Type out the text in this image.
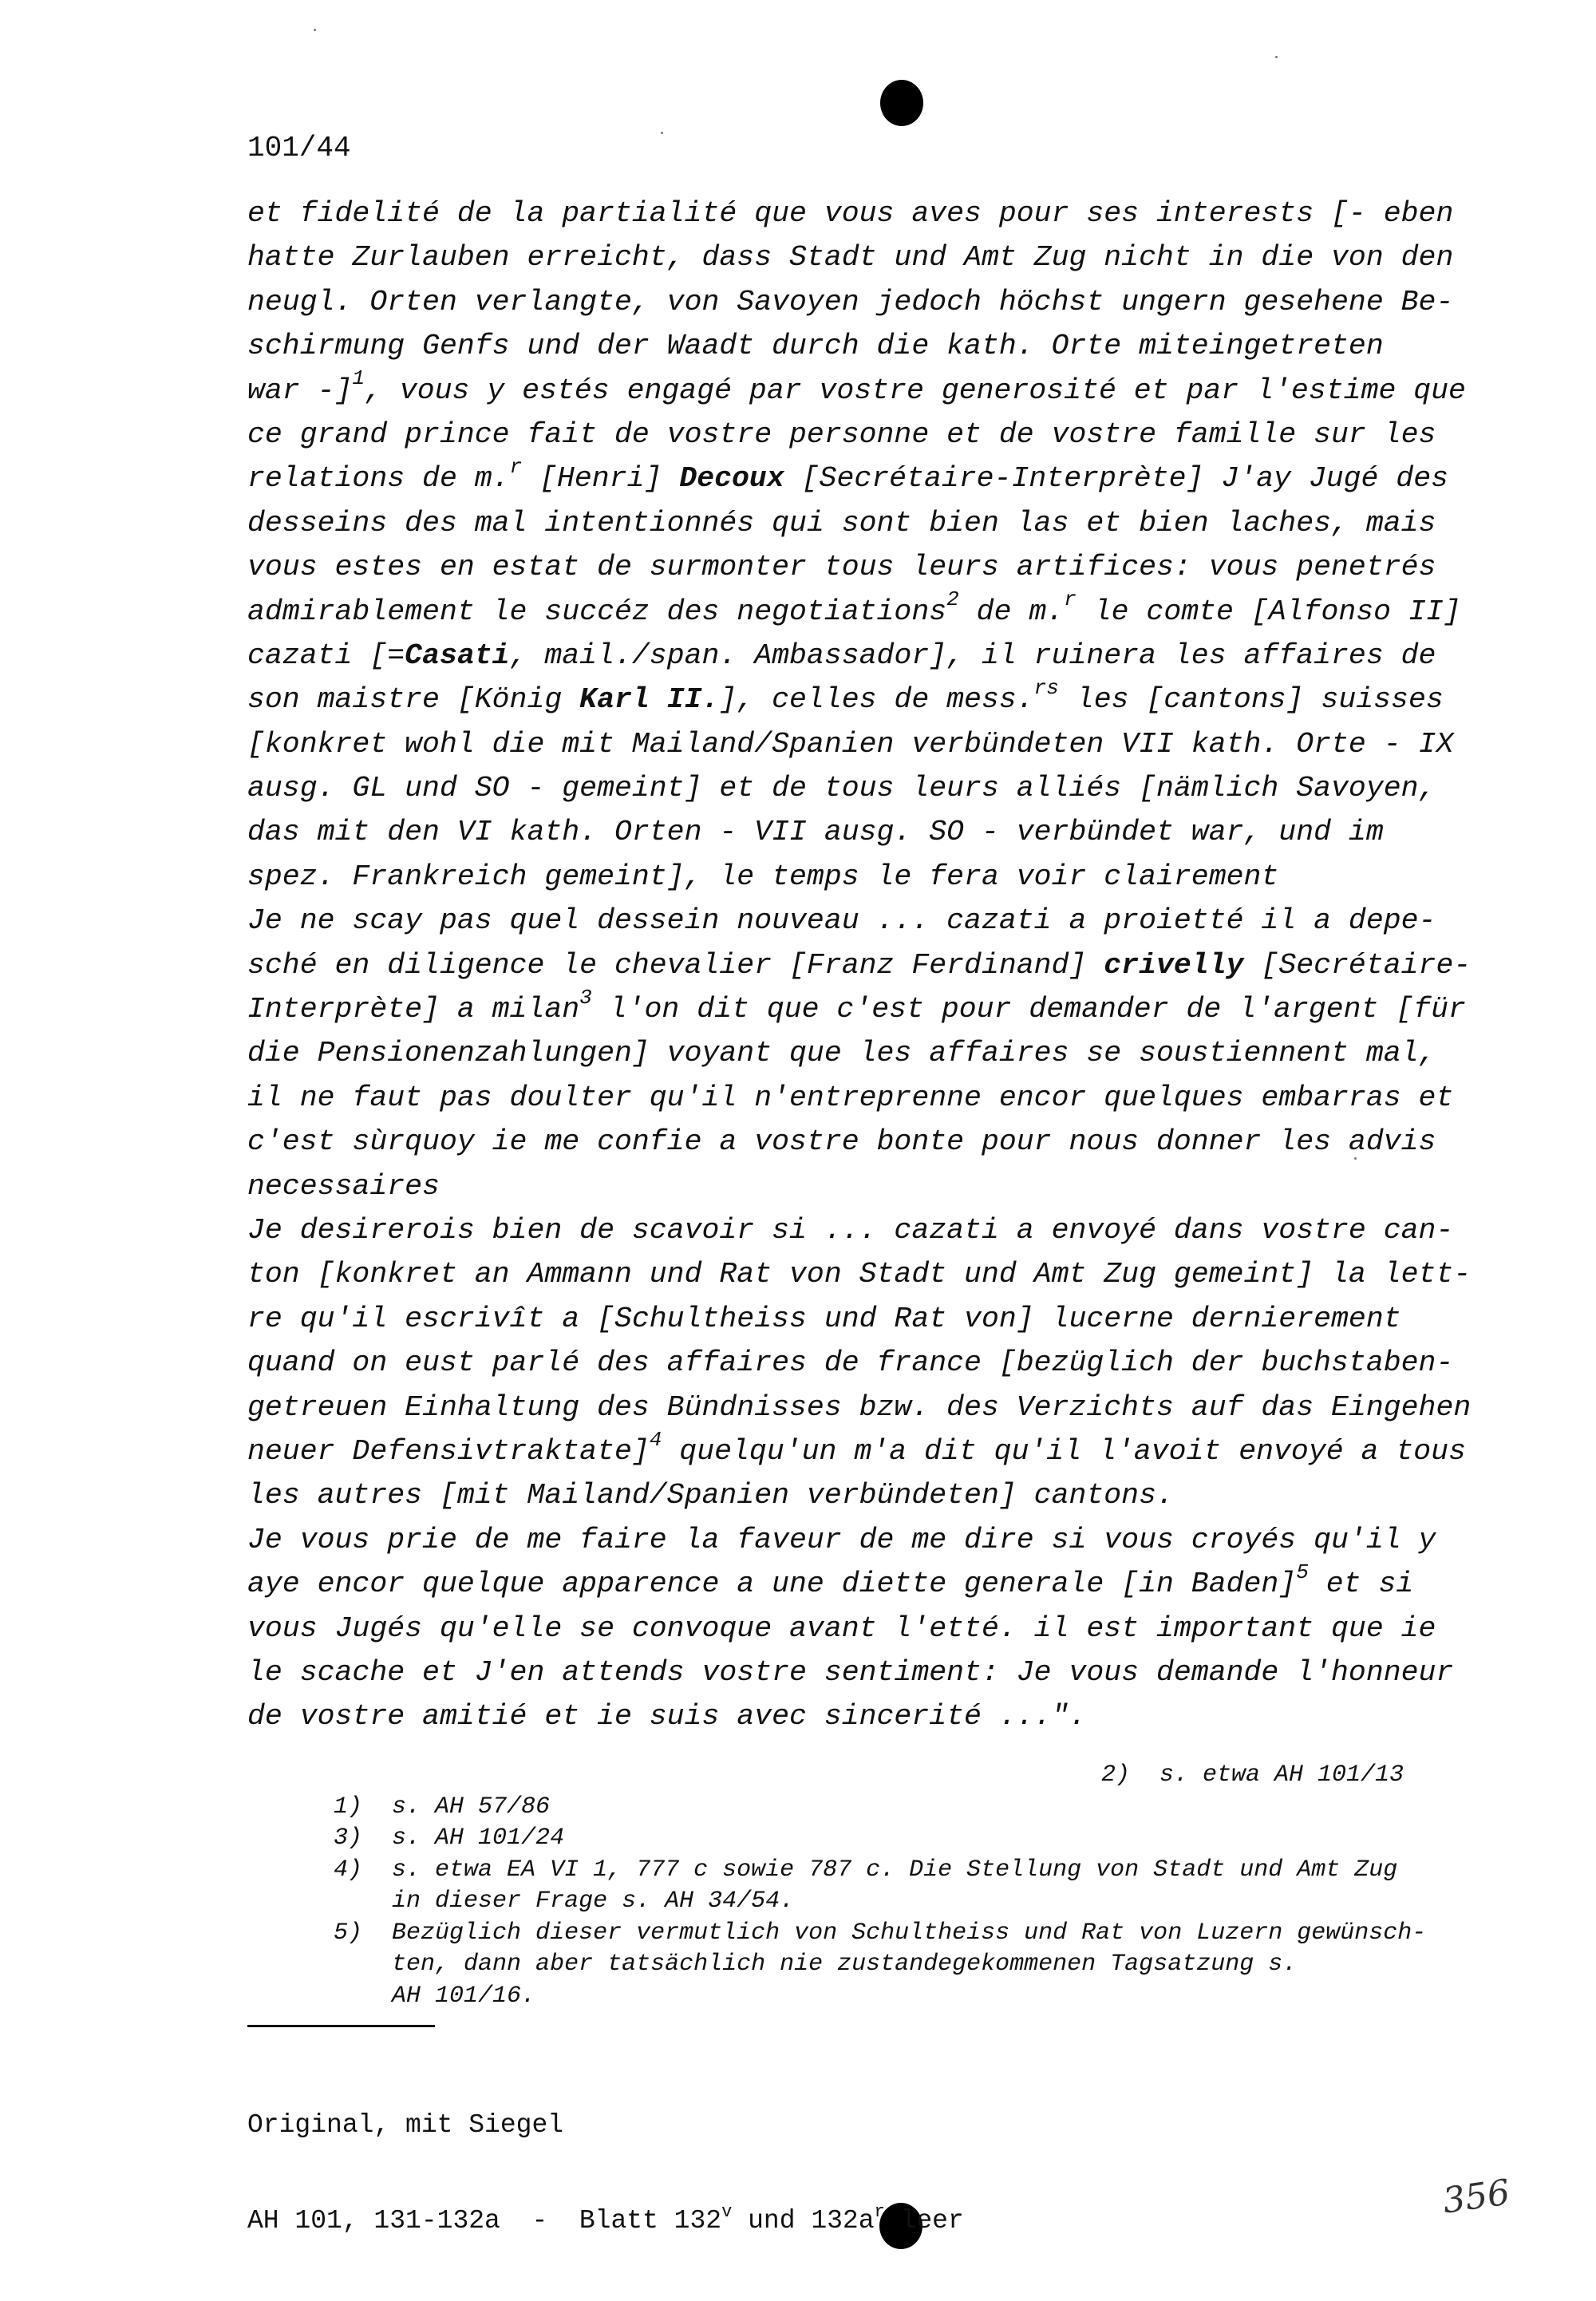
101/44
et fidelité de la partialité que vous aves pour ses interests [- eben
hatte Zurlauben erreicht, dass Stadt und Amt Zug nicht in die von den
neugl. Orten verlangte, von Savoyen jedoch höchst ungern gesehene Be-
schirmung Genfs und der Waadt durch die kath. Orte miteingetreten
war -]$^1$, vous y estés engagé par vostre generosité et par l'estime que
ce grand prince fait de vostre personne et de vostre famille sur les
relations de m.$^r$ [Henri] Decoux [Secrétaire-Interprète] J'ay Jugé des
desseins des mal intentionnés qui sont bien las et bien laches, mais
vous estes en estat de surmonter tous leurs artifices: vous penetrés
admirablement le succéz des negotiations$^2$ de m.$^r$ le comte [Alfonso II]
cazati [=Casati, mail./span. Ambassador], il ruinera les affaires de
son maistre [König Karl II.], celles de mess.$^{rs}$ les [cantons] suisses
[konkret wohl die mit Mailand/Spanien verbündeten VII kath. Orte - IX
ausg. GL und SO - gemeint] et de tous leurs alliés [nämlich Savoyen,
das mit den VI kath. Orten - VII ausg. SO - verbündet war, und im
spez. Frankreich gemeint], le temps le fera voir clairement
Je ne scay pas quel dessein nouveau ... cazati a proietté il a depe-
sché en diligence le chevalier [Franz Ferdinand] crivelly [Secrétaire-
Interprète] a milan$^3$ l'on dit que c'est pour demander de l'argent [für
die Pensionenzahlungen] voyant que les affaires se soustiennent mal,
il ne faut pas doulter qu'il n'entreprenne encor quelques embarras et
c'est sùrquoy ie me confie a vostre bonte pour nous donner les advis
necessaires
Je desirerois bien de scavoir si ... cazati a envoyé dans vostre can-
ton [konkret an Ammann und Rat von Stadt und Amt Zug gemeint] la lett-
re qu'il escrivît a [Schultheiss und Rat von] lucerne dernierement
quand on eust parlé des affaires de france [bezüglich der buchstaben-
getreuen Einhaltung des Bündnisses bzw. des Verzichts auf das Eingehen
neuer Defensivtraktate]$^4$ quelqu'un m'a dit qu'il l'avoit envoyé a tous
les autres [mit Mailand/Spanien verbündeten] cantons.
Je vous prie de me faire la faveur de me dire si vous croyés qu'il y
aye encor quelque apparence a une diette generale [in Baden]$^5$ et si
vous Jugés qu'elle se convoque avant l'etté. il est important que ie
le scache et J'en attends vostre sentiment: Je vous demande l'honneur
de vostre amitié et ie suis avec sincerité ...".

1) s. AH 57/86

2) s. etwa AH 101/13

3) s. AH 101/24

4) s. etwa EA VI 1, 777 c sowie 787 c. Die Stellung von Stadt und Amt Zug

in dieser Frage s. AH 34/54.

5) Bezüglich dieser vermutlich von Schultheiss und Rat von Luzern gewünsch-

ten, dann aber tatsächlich nie zustandegekommenen Tagsatzung s.

AH 101/16.

Original, mit Siegel

AH 101, 131-132a  -  Blatt 132$^v$ und $132a^r$ leer

	356
